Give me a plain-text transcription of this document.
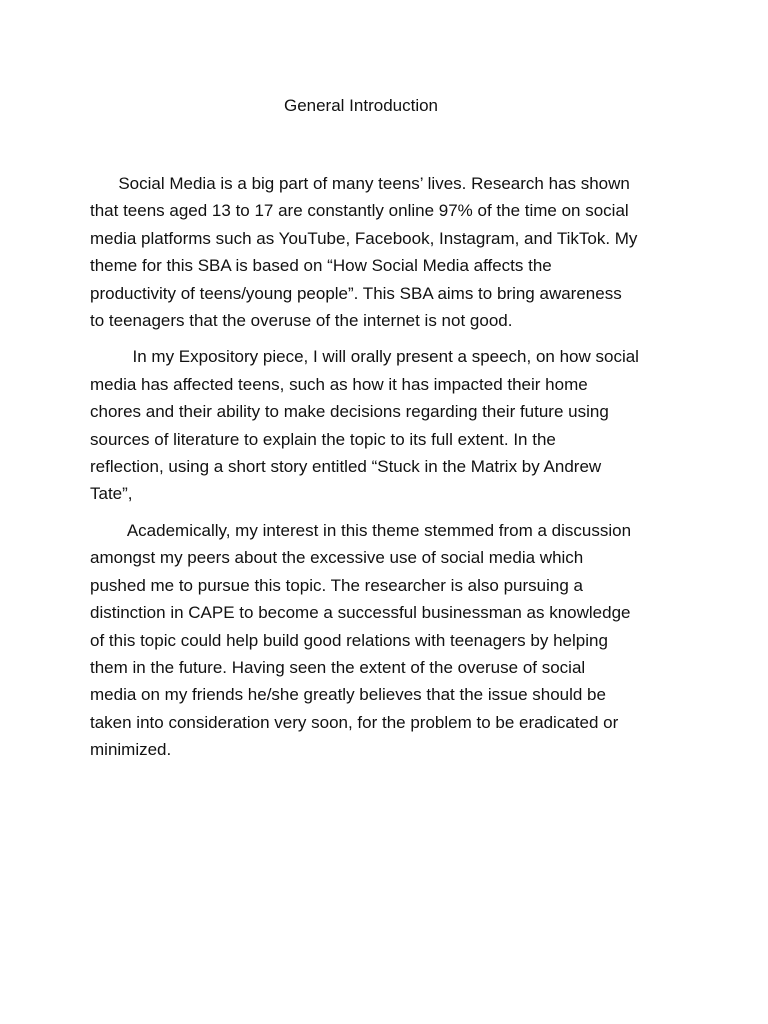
General Introduction

Social Media is a big part of many teens’ lives. Research has shown
that teens aged 13 to 17 are constantly online 97% of the time on social
media platforms such as YouTube, Facebook, Instagram, and TikTok. My
theme for this SBA is based on “How Social Media affects the
productivity of teens/young people”. This SBA aims to bring awareness
to teenagers that the overuse of the internet is not good.

In my Expository piece, I will orally present a speech, on how social
media has affected teens, such as how it has impacted their home
chores and their ability to make decisions regarding their future using
sources of literature to explain the topic to its full extent. In the
reflection, using a short story entitled “Stuck in the Matrix by Andrew
Tate”,

Academically, my interest in this theme stemmed from a discussion
amongst my peers about the excessive use of social media which
pushed me to pursue this topic. The researcher is also pursuing a
distinction in CAPE to become a successful businessman as knowledge
of this topic could help build good relations with teenagers by helping
them in the future. Having seen the extent of the overuse of social
media on my friends he/she greatly believes that the issue should be
taken into consideration very soon, for the problem to be eradicated or
minimized.
